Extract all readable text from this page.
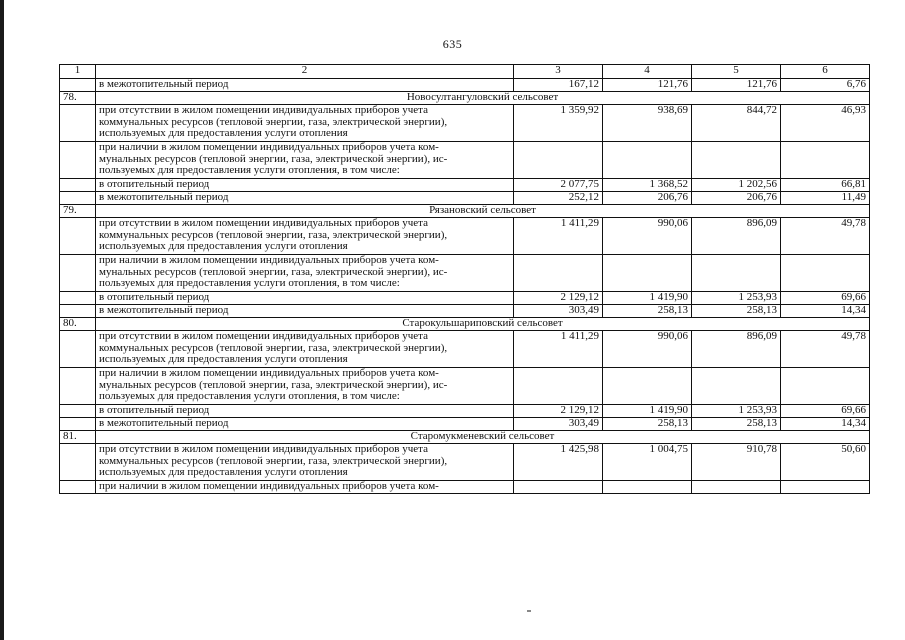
635
1	2	3	4	5	6
	в межотопительный период	167,12	121,76	121,76	6,76
78.	Новосултангуловский сельсовет				

	при отсутствии в жилом помещении индивидуальных приборов учета
коммунальных ресурсов (тепловой энергии, газа, электрической энергии),
используемых для предоставления услуги отопления	1 359,92	938,69	844,72	46,93

	при наличии в жилом помещении индивидуальных приборов учета ком-
мунальных ресурсов (тепловой энергии, газа, электрической энергии), ис-
пользуемых для предоставления услуги отопления, в том числе:				

	в отопительный период	2 077,75	1 368,52	1 202,56	66,81
	в межотопительный период	252,12	206,76	206,76	11,49
79.	Рязановский сельсовет				

	при отсутствии в жилом помещении индивидуальных приборов учета
коммунальных ресурсов (тепловой энергии, газа, электрической энергии),
используемых для предоставления услуги отопления	1 411,29	990,06	896,09	49,78

	при наличии в жилом помещении индивидуальных приборов учета ком-
мунальных ресурсов (тепловой энергии, газа, электрической энергии), ис-
пользуемых для предоставления услуги отопления, в том числе:				

	в отопительный период	2 129,12	1 419,90	1 253,93	69,66
	в межотопительный период	303,49	258,13	258,13	14,34
80.	Старокульшариповский сельсовет				

	при отсутствии в жилом помещении индивидуальных приборов учета
коммунальных ресурсов (тепловой энергии, газа, электрической энергии),
используемых для предоставления услуги отопления	1 411,29	990,06	896,09	49,78

	при наличии в жилом помещении индивидуальных приборов учета ком-
мунальных ресурсов (тепловой энергии, газа, электрической энергии), ис-
пользуемых для предоставления услуги отопления, в том числе:				

	в отопительный период	2 129,12	1 419,90	1 253,93	69,66
	в межотопительный период	303,49	258,13	258,13	14,34
81.	Старомукменевский сельсовет				

	при отсутствии в жилом помещении индивидуальных приборов учета
коммунальных ресурсов (тепловой энергии, газа, электрической энергии),
используемых для предоставления услуги отопления	1 425,98	1 004,75	910,78	50,60
	при наличии в жилом помещении индивидуальных приборов учета ком-				
